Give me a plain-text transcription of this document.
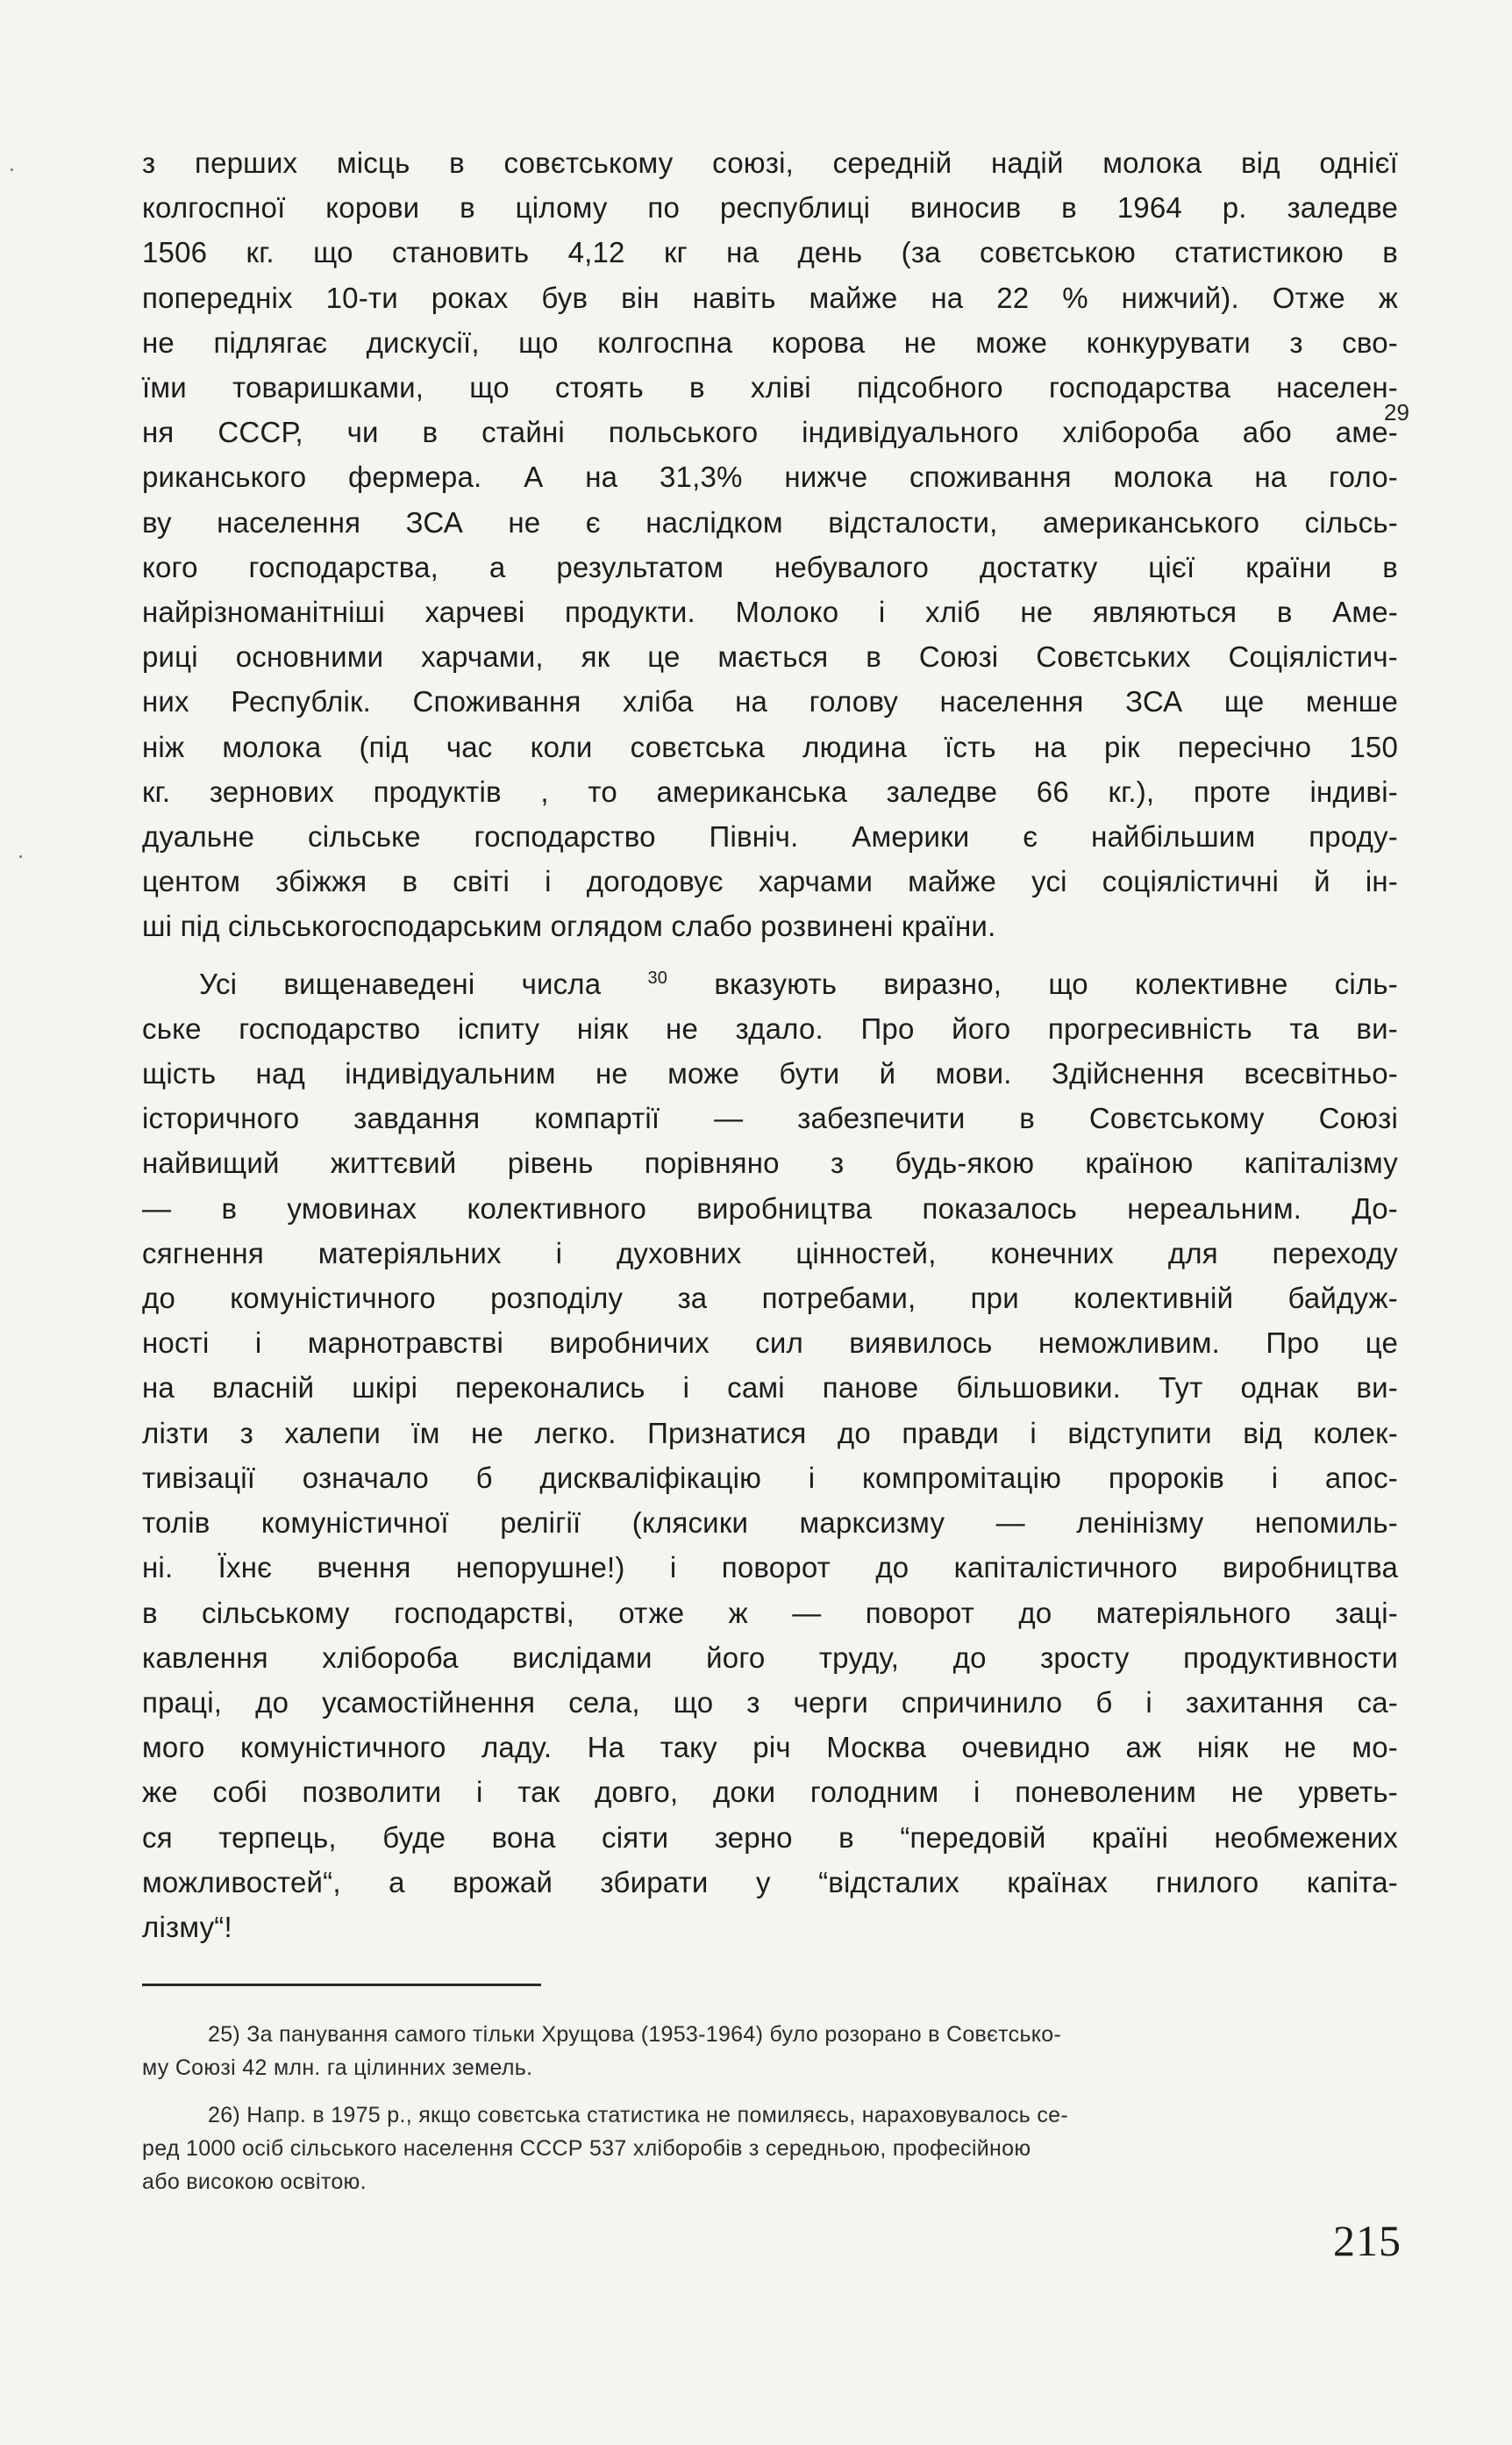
з перших місць в совєтському союзі, середній надій молока від однієї
колгоспної корови в цілому по республиці виносив в 1964 р. заледве
1506 кг. що становить 4,12 кг на день (за совєтською статистикою в
попередніх 10-ти роках був він навіть майже на 22 % нижчий). Отже ж
не підлягає дискусії, що колгоспна корова не може конкурувати з сво-
їми товаришками, що стоять в хліві підсобного господарства населен-
ня СССР, чи в стайні польського індивідуального хлібороба або аме-
риканського фермера. А на 31,3% нижче споживання молока на голо-
ву населення ЗСА не є наслідком відсталости, американського сільсь-
кого господарства, а результатом небувалого достатку цієї країни в
найрізноманітніші харчеві продукти. Молоко і хліб не являються в Аме-
риці основними харчами, як це мається в Союзі Совєтських Соціялістич-
них Республік. Споживання хліба на голову населення ЗСА ще менше
ніж молока (під час коли совєтська людина їсть на рік пересічно 150
кг. зернових продуктів , то американська заледве 66 кг.), проте індиві-
дуальне сільське господарство Північ. Америки є найбільшим проду-
центом збіжжя в світі і догодовує харчами майже усі соціялістичні й ін-
ші під сільськогосподарським оглядом слабо розвинені країни.
Усі вищенаведені числа $^{30}$ вказують виразно, що колективне сіль-
ське господарство іспиту ніяк не здало. Про його прогресивність та ви-
щість над індивідуальним не може бути й мови. Здійснення всесвітньо-
історичного завдання компартії — забезпечити в Совєтському Союзі
найвищий життєвий рівень порівняно з будь-якою країною капіталізму
— в умовинах колективного виробництва показалось нереальним. До-
сягнення матеріяльних і духовних цінностей, конечних для переходу
до комуністичного розподілу за потребами, при колективній байдуж-
ності і марнотравстві виробничих сил виявилось неможливим. Про це
на власній шкірі переконались і самі панове більшовики. Тут однак ви-
лізти з халепи їм не легко. Признатися до правди і відступити від колек-
тивізації означало б дискваліфікацію і компромітацію пророків і апос-
толів комуністичної релігії (клясики марксизму — ленінізму непомиль-
ні. Їхнє вчення непорушне!) і поворот до капіталістичного виробництва
в сільському господарстві, отже ж — поворот до матеріяльного заці-
кавлення хлібороба вислідами його труду, до зросту продуктивности
праці, до усамостійнення села, що з черги спричинило б і захитання са-
мого комуністичного ладу. На таку річ Москва очевидно аж ніяк не мо-
же собі позволити і так довго, доки голодним і поневоленим не урветь-
ся терпець, буде вона сіяти зерно в “передовій країні необмежених
можливостей“, а врожай збирати у “відсталих країнах гнилого капіта-
лізму“!
29
25) За панування самого тільки Хрущова (1953-1964) було розорано в Совєтсько-
му Союзі 42 млн. га цілинних земель.
26) Напр. в 1975 р., якщо совєтська статистика не помиляєсь, нараховувалось се-
ред 1000 осіб сільського населення СССР 537 хліборобів з середньою, професійною
або високою освітою.
215
